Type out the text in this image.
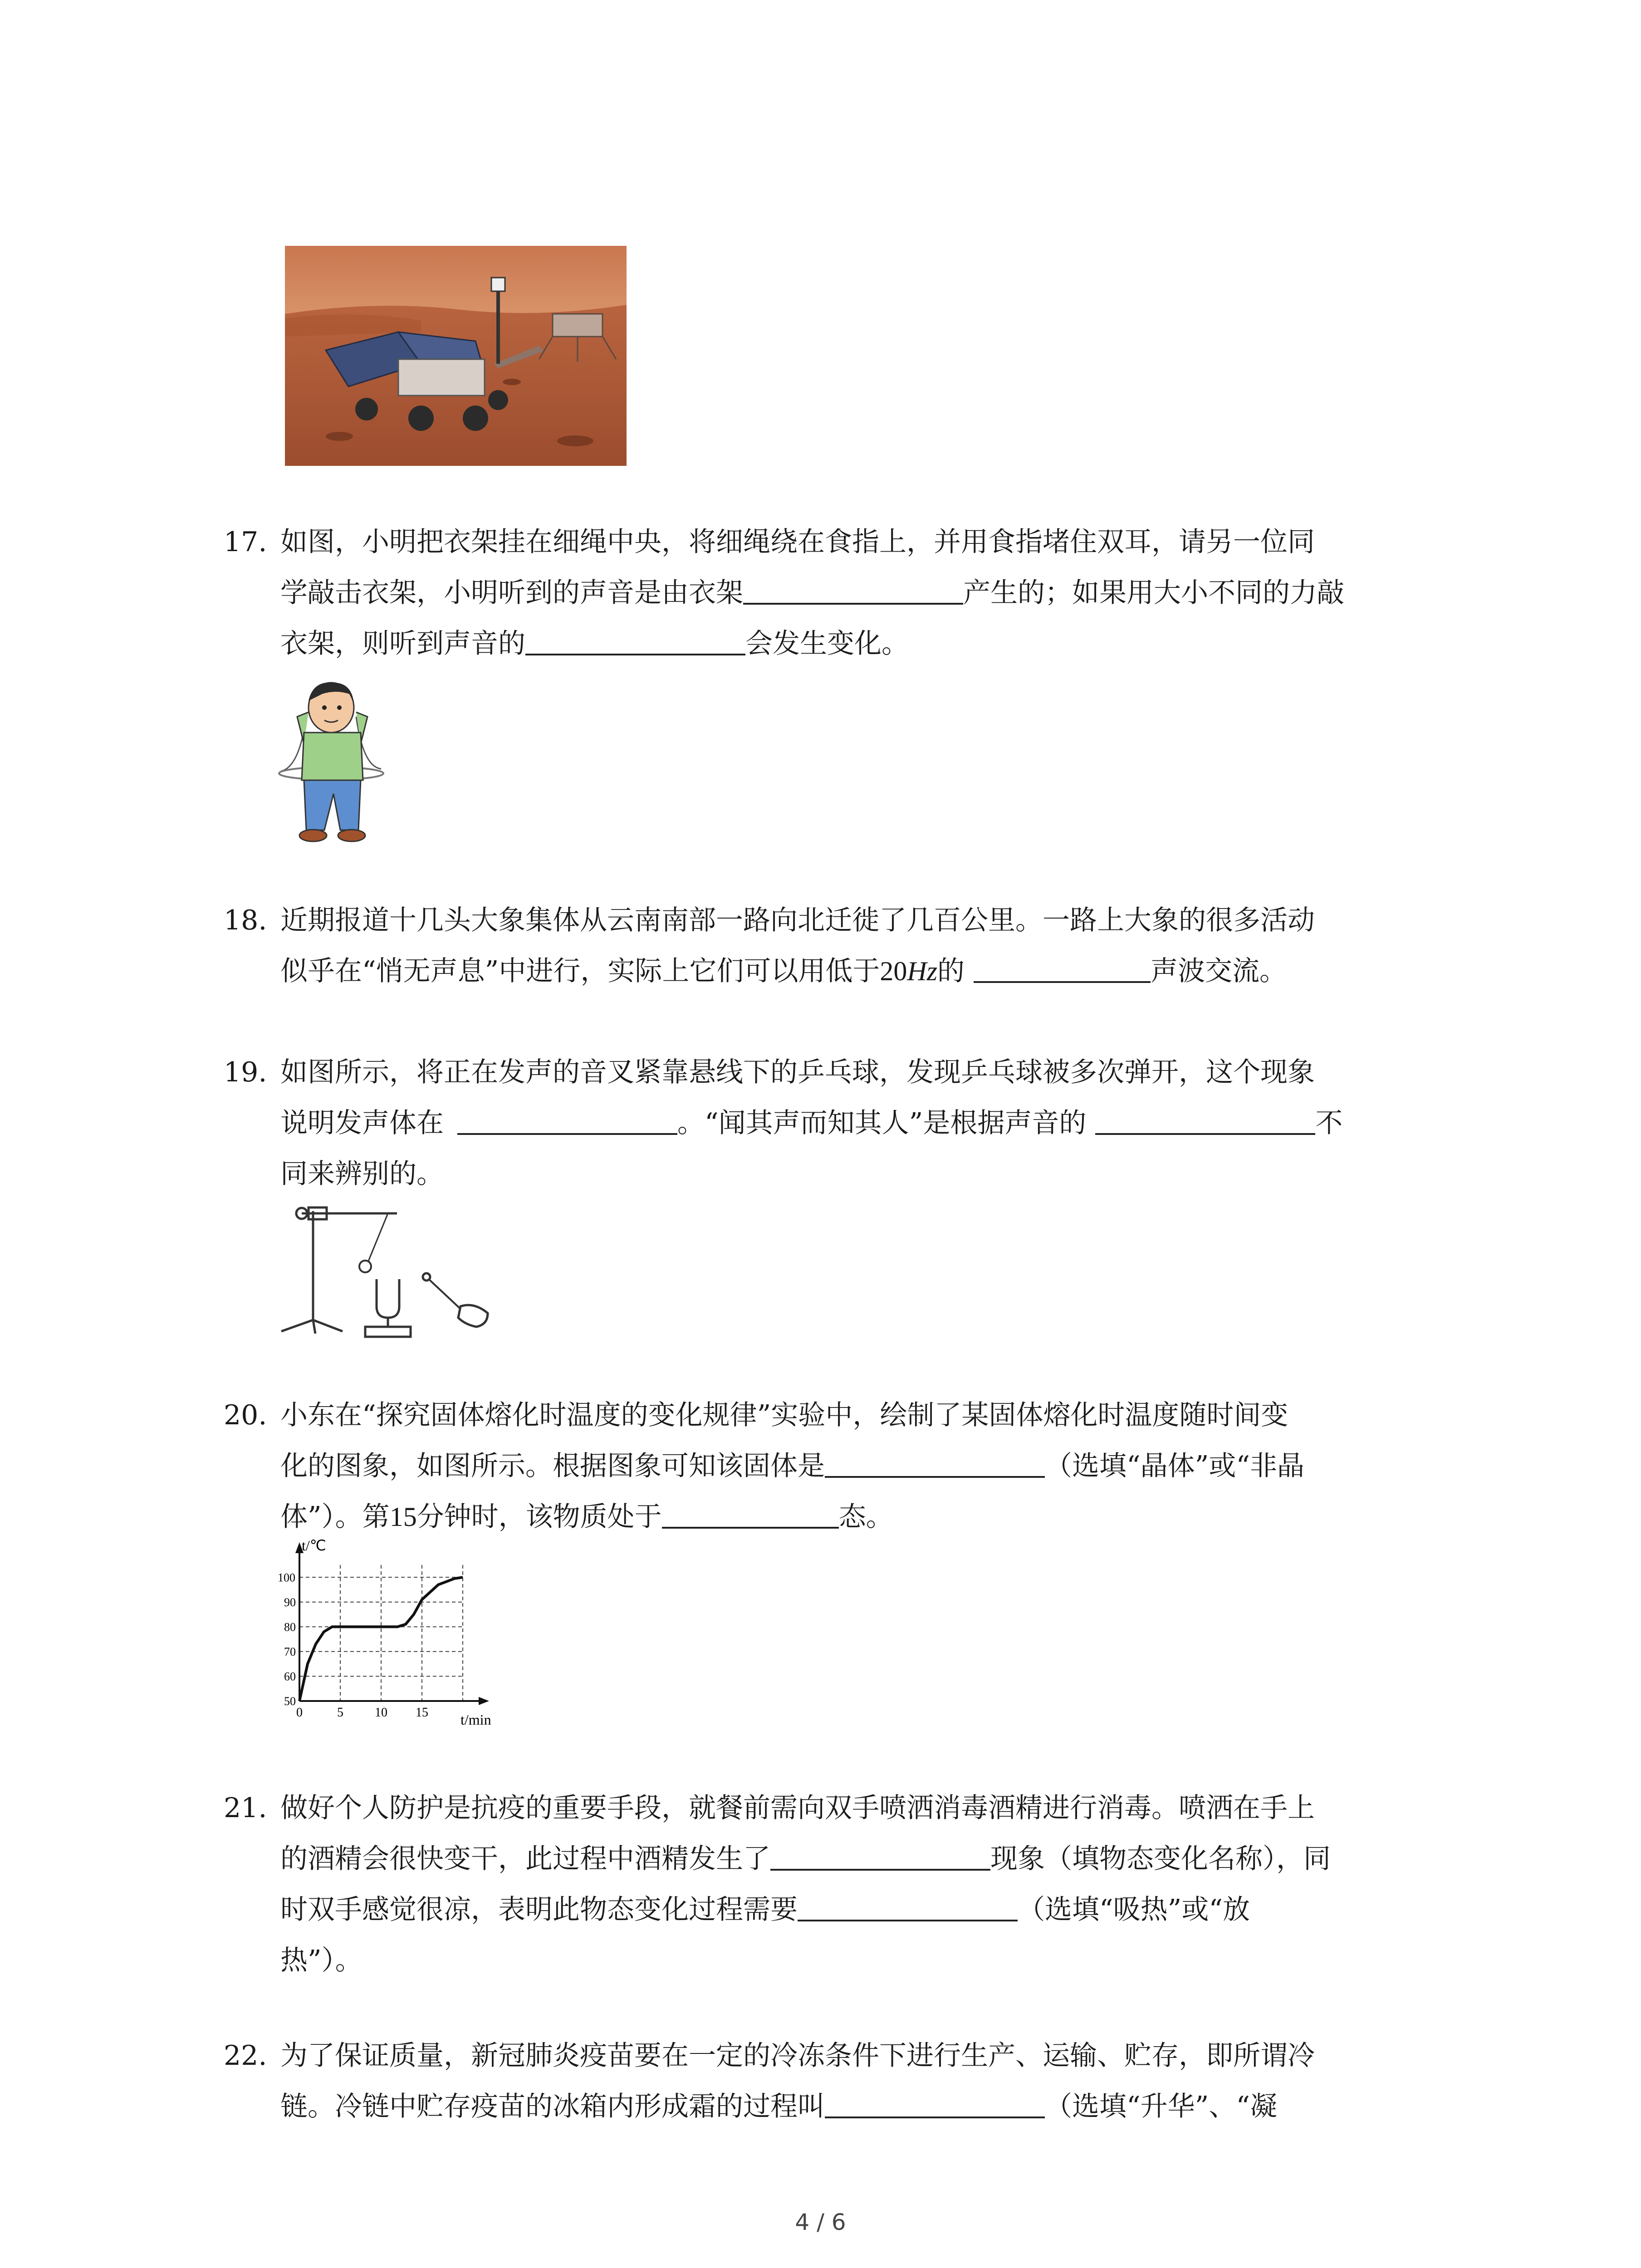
17. 如图，小明把衣架挂在细绳中央，将细绳绕在食指上，并用食指堵住双耳，请另一位同
学敲击衣架，小明听到的声音是由衣架	产生的；如果用大小不同的力敲
衣架，则听到声音的	会发生变化。
18. 近期报道十几头大象集体从云南南部一路向北迁徙了几百公里。一路上大象的很多活动
似乎在“悄无声息”中进行，实际上它们可以用低于20Hz的	声波交流。
19. 如图所示，将正在发声的音叉紧靠悬线下的乒乓球，发现乒乓球被多次弹开，这个现象
说明发声体在	。“闻其声而知其人”是根据声音的	不
同来辨别的。
20. 小东在“探究固体熔化时温度的变化规律”实验中，绘制了某固体熔化时温度随时间变
化的图象，如图所示。根据图象可知该固体是	（选填“晶体”或“非晶
体”）。第15分钟时，该物质处于	态。
0	5 10 15
50
60
70
80
90
100
t/℃
t/min
21. 做好个人防护是抗疫的重要手段，就餐前需向双手喷洒消毒酒精进行消毒。喷洒在手上
的酒精会很快变干，此过程中酒精发生了	现象（填物态变化名称），同
时双手感觉很凉，表明此物态变化过程需要	（选填“吸热”或“放
热”）。
22. 为了保证质量，新冠肺炎疫苗要在一定的冷冻条件下进行生产、运输、贮存，即所谓冷
链。冷链中贮存疫苗的冰箱内形成霜的过程叫	（选填“升华”、“凝
4 / 6
